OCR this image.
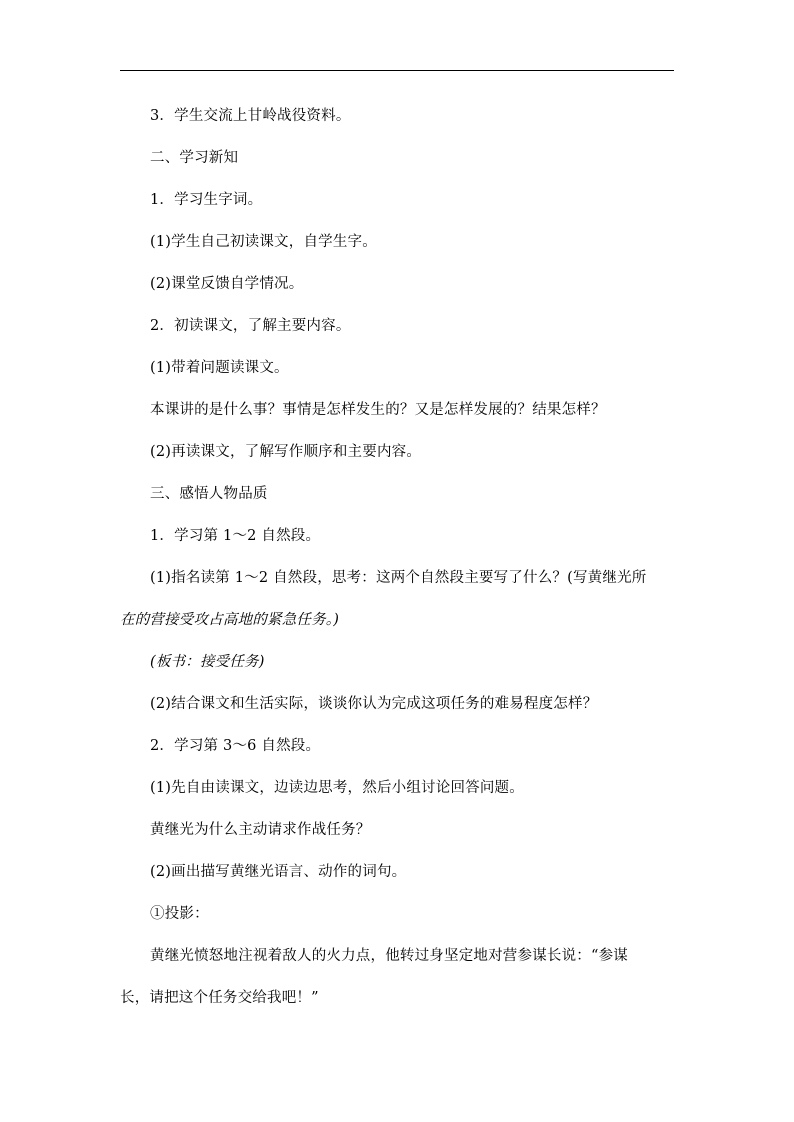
3．学生交流上甘岭战役资料。

二、学习新知

1．学习生字词。

(1)学生自己初读课文，自学生字。

(2)课堂反馈自学情况。

2．初读课文，了解主要内容。

(1)带着问题读课文。

本课讲的是什么事？事情是怎样发生的？又是怎样发展的？结果怎样？

(2)再读课文，了解写作顺序和主要内容。

三、感悟人物品质

1．学习第 1～2 自然段。

(1)指名读第 1～2 自然段，思考：这两个自然段主要写了什么？(写黄继光所

在的营接受攻占高地的紧急任务。)

(板书：接受任务)

(2)结合课文和生活实际，谈谈你认为完成这项任务的难易程度怎样？

2．学习第 3～6 自然段。

(1)先自由读课文，边读边思考，然后小组讨论回答问题。

黄继光为什么主动请求作战任务？

(2)画出描写黄继光语言、动作的词句。

①投影：

黄继光愤怒地注视着敌人的火力点，他转过身坚定地对营参谋长说：“参谋

长，请把这个任务交给我吧！”
